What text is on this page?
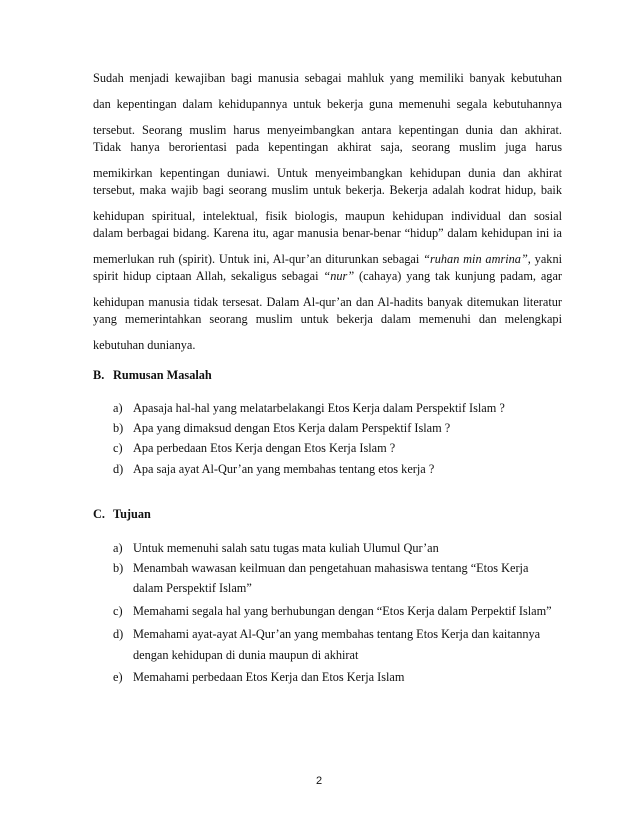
Sudah menjadi kewajiban bagi manusia sebagai mahluk yang memiliki banyak kebutuhan
dan kepentingan dalam kehidupannya untuk bekerja guna memenuhi segala kebutuhannya
tersebut. Seorang muslim harus menyeimbangkan antara kepentingan dunia dan akhirat.
Tidak hanya berorientasi pada kepentingan akhirat saja, seorang muslim juga harus
memikirkan kepentingan duniawi. Untuk menyeimbangkan kehidupan dunia dan akhirat
tersebut, maka wajib bagi seorang muslim untuk bekerja. Bekerja adalah kodrat hidup, baik
kehidupan spiritual, intelektual, fisik biologis, maupun kehidupan individual dan sosial
dalam berbagai bidang. Karena itu, agar manusia benar-benar “hidup” dalam kehidupan ini ia
memerlukan ruh (spirit). Untuk ini, Al-qur’an diturunkan sebagai “ruhan min amrina”, yakni
spirit hidup ciptaan Allah, sekaligus sebagai “nur” (cahaya) yang tak kunjung padam, agar
kehidupan manusia tidak tersesat. Dalam Al-qur’an dan Al-hadits banyak ditemukan literatur
yang memerintahkan seorang muslim untuk bekerja dalam memenuhi dan melengkapi
kebutuhan dunianya.
B. Rumusan Masalah
a) Apasaja hal-hal yang melatarbelakangi Etos Kerja dalam Perspektif Islam ?
b) Apa yang dimaksud dengan Etos Kerja dalam Perspektif Islam ?
c) Apa perbedaan Etos Kerja dengan Etos Kerja Islam ?
d) Apa saja ayat Al-Qur’an yang membahas tentang etos kerja ?
C. Tujuan
a) Untuk memenuhi salah satu tugas mata kuliah Ulumul Qur’an
b) Menambah wawasan keilmuan dan pengetahuan mahasiswa tentang “Etos Kerja
dalam Perspektif Islam”
c) Memahami segala hal yang berhubungan dengan “Etos Kerja dalam Perpektif Islam”
d) Memahami ayat-ayat Al-Qur’an yang membahas tentang Etos Kerja dan kaitannya
dengan kehidupan di dunia maupun di akhirat
e) Memahami perbedaan Etos Kerja dan Etos Kerja Islam
2
